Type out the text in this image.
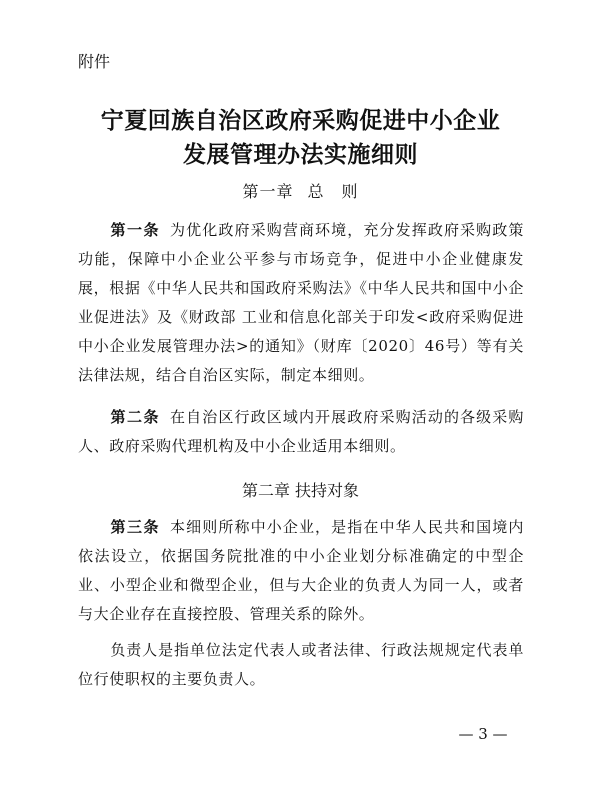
附件
宁夏回族自治区政府采购促进中小企业
发展管理办法实施细则
第一章 总　则
第一条 为优化政府采购营商环境，充分发挥政府采购政策功能，保障中小企业公平参与市场竞争，促进中小企业健康发展，根据《中华人民共和国政府采购法》《中华人民共和国中小企业促进法》及《财政部 工业和信息化部关于印发<政府采购促进中小企业发展管理办法>的通知》（财库〔2020〕46号）等有关法律法规，结合自治区实际，制定本细则。
第二条 在自治区行政区域内开展政府采购活动的各级采购人、政府采购代理机构及中小企业适用本细则。
第二章 扶持对象
第三条 本细则所称中小企业，是指在中华人民共和国境内依法设立，依据国务院批准的中小企业划分标准确定的中型企业、小型企业和微型企业，但与大企业的负责人为同一人，或者与大企业存在直接控股、管理关系的除外。
负责人是指单位法定代表人或者法律、行政法规规定代表单位行使职权的主要负责人。
— 3 —
